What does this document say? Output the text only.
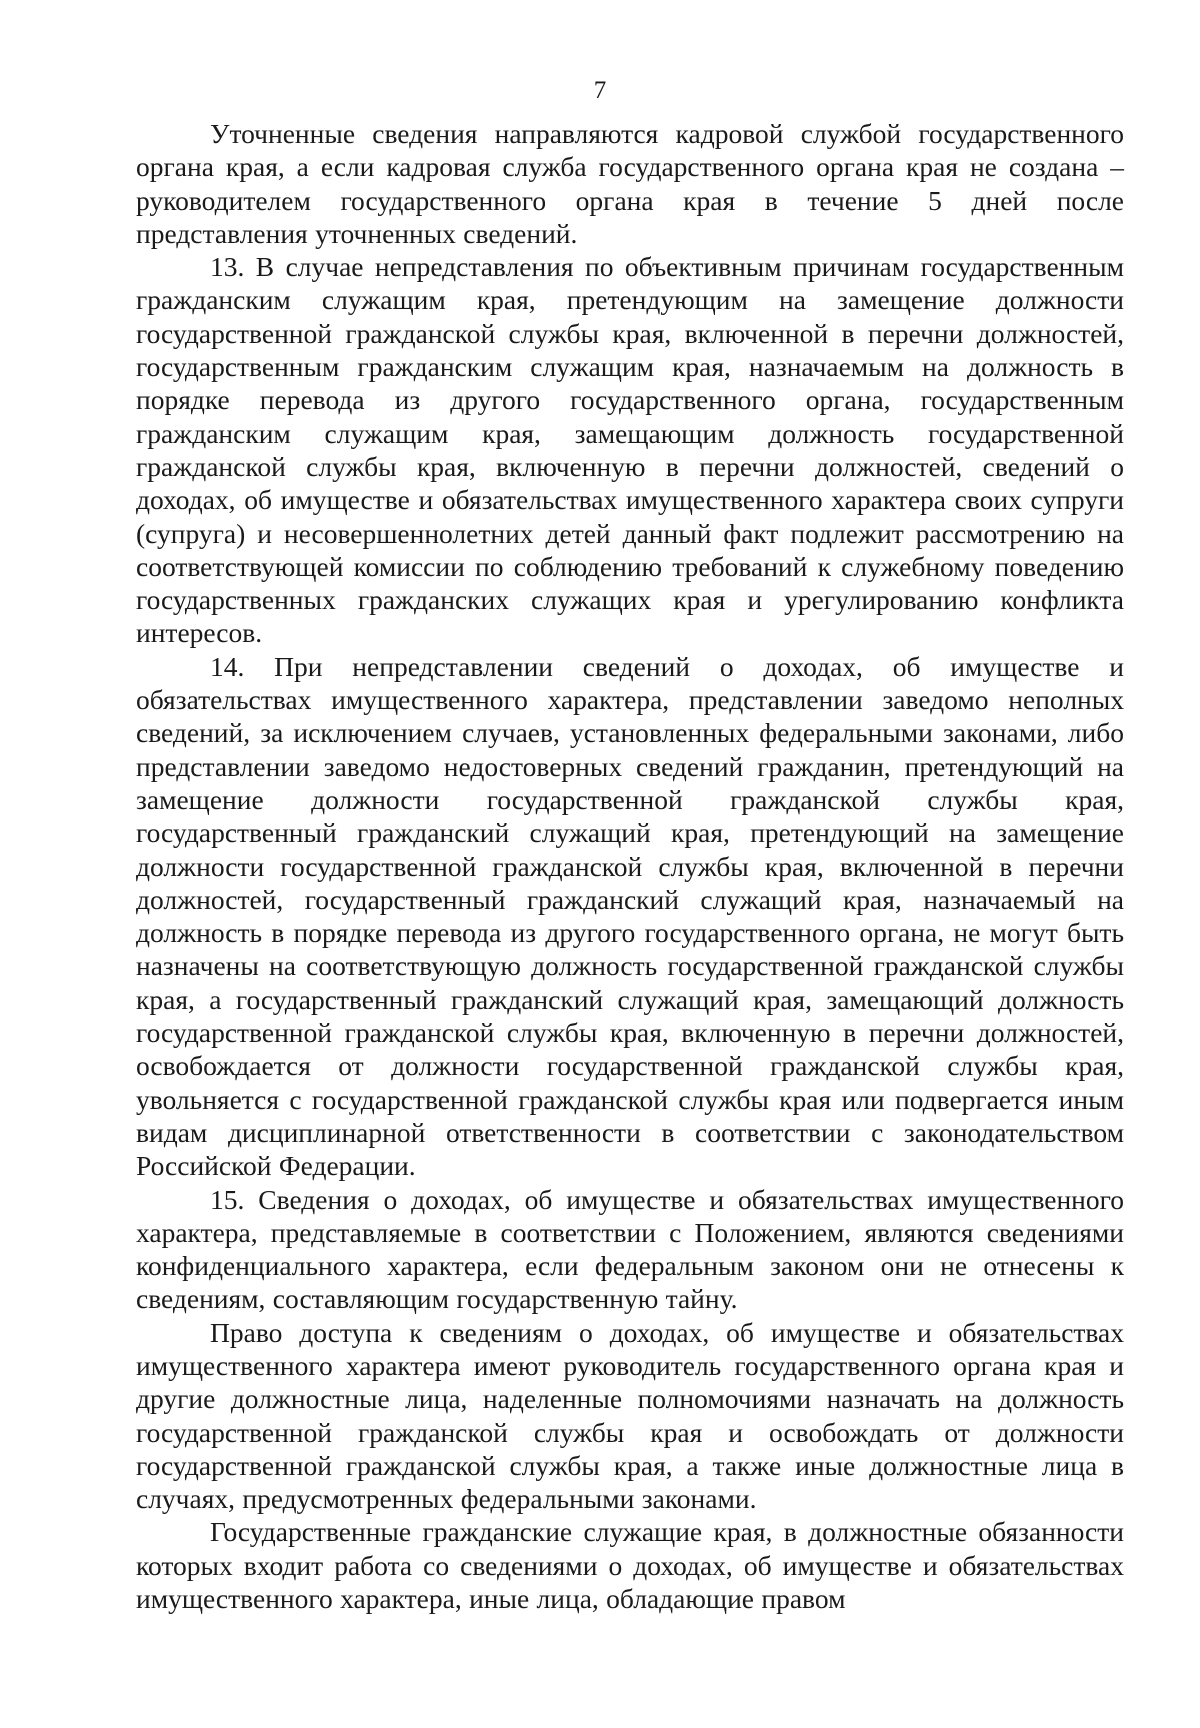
7

Уточненные сведения направляются кадровой службой государственного органа края, а если кадровая служба государственного органа края не создана – руководителем государственного органа края в течение 5 дней после представления уточненных сведений.

13. В случае непредставления по объективным причинам государственным гражданским служащим края, претендующим на замещение должности государственной гражданской службы края, включенной в перечни должностей, государственным гражданским служащим края, назначаемым на должность в порядке перевода из другого государственного органа, государственным гражданским служащим края, замещающим должность государственной гражданской службы края, включенную в перечни должностей, сведений о доходах, об имуществе и обязательствах имущественного характера своих супруги (супруга) и несовершеннолетних детей данный факт подлежит рассмотрению на соответствующей комиссии по соблюдению требований к служебному поведению государственных гражданских служащих края и урегулированию конфликта интересов.

14. При непредставлении сведений о доходах, об имуществе и обязательствах имущественного характера, представлении заведомо неполных сведений, за исключением случаев, установленных федеральными законами, либо представлении заведомо недостоверных сведений гражданин, претендующий на замещение должности государственной гражданской службы края, государственный гражданский служащий края, претендующий на замещение должности государственной гражданской службы края, включенной в перечни должностей, государственный гражданский служащий края, назначаемый на должность в порядке перевода из другого государственного органа, не могут быть назначены на соответствующую должность государственной гражданской службы края, а государственный гражданский служащий края, замещающий должность государственной гражданской службы края, включенную в перечни должностей, освобождается от должности государственной гражданской службы края, увольняется с государственной гражданской службы края или подвергается иным видам дисциплинарной ответственности в соответствии с законодательством Российской Федерации.

15. Сведения о доходах, об имуществе и обязательствах имущественного характера, представляемые в соответствии с Положением, являются сведениями конфиденциального характера, если федеральным законом они не отнесены к сведениям, составляющим государственную тайну.

Право доступа к сведениям о доходах, об имуществе и обязательствах имущественного характера имеют руководитель государственного органа края и другие должностные лица, наделенные полномочиями назначать на должность государственной гражданской службы края и освобождать от должности государственной гражданской службы края, а также иные должностные лица в случаях, предусмотренных федеральными законами.

Государственные гражданские служащие края, в должностные обязанности которых входит работа со сведениями о доходах, об имуществе и обязательствах имущественного характера, иные лица, обладающие правом
